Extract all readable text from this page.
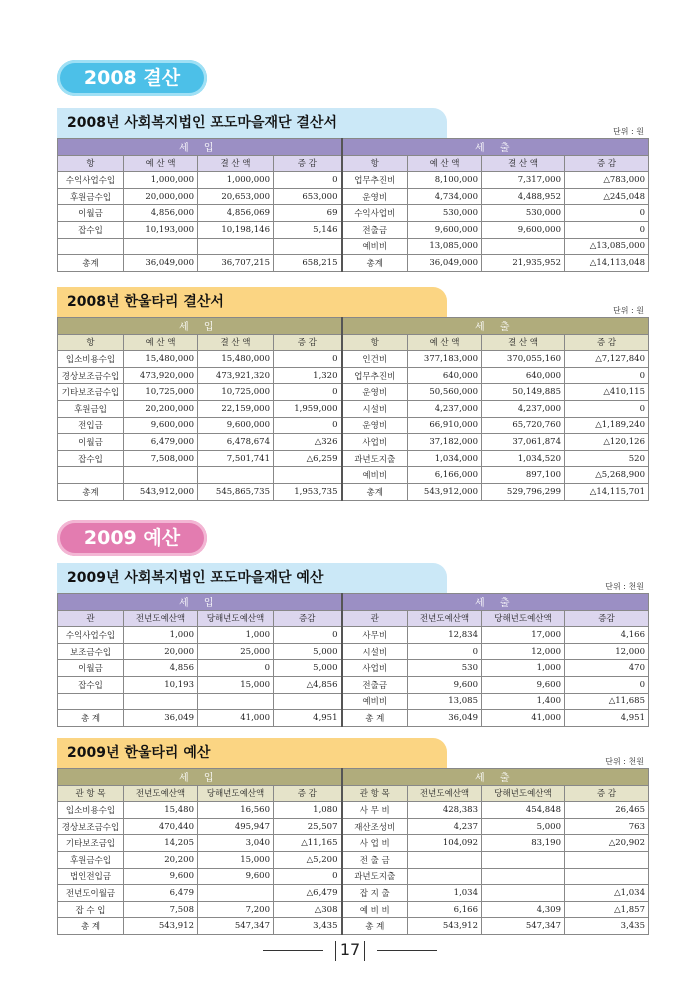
2008 결산
2009 예산
2008년 사회복지법인 포도마을재단 결산서
단위 : 원
세 입				세 출			
항	예 산 액	결 산 액	증 감	항	예 산 액	결 산 액	증 감
수익사업수입	1,000,000	1,000,000	0	업무추진비	8,100,000	7,317,000	△783,000
후원금수입	20,000,000	20,653,000	653,000	운영비	4,734,000	4,488,952	△245,048
이월금	4,856,000	4,856,069	69	수익사업비	530,000	530,000	0
잡수입	10,193,000	10,198,146	5,146	전출금	9,600,000	9,600,000	0
				예비비	13,085,000		△13,085,000
총계	36,049,000	36,707,215	658,215	총계	36,049,000	21,935,952	△14,113,048
2008년 한울타리 결산서
단위 : 원
세 입				세 출			
항	예 산 액	결 산 액	증 감	항	예 산 액	결 산 액	증 감
입소비용수입	15,480,000	15,480,000	0	인건비	377,183,000	370,055,160	△7,127,840
경상보조금수입	473,920,000	473,921,320	1,320	업무추진비	640,000	640,000	0
기타보조금수입	10,725,000	10,725,000	0	운영비	50,560,000	50,149,885	△410,115
후원금입	20,200,000	22,159,000	1,959,000	시설비	4,237,000	4,237,000	0
전입금	9,600,000	9,600,000	0	운영비	66,910,000	65,720,760	△1,189,240
이월금	6,479,000	6,478,674	△326	사업비	37,182,000	37,061,874	△120,126
잡수입	7,508,000	7,501,741	△6,259	과년도지출	1,034,000	1,034,520	520
				예비비	6,166,000	897,100	△5,268,900
총계	543,912,000	545,865,735	1,953,735	총계	543,912,000	529,796,299	△14,115,701
2009년 사회복지법인 포도마을재단 예산
단위 : 천원
세 입				세 출			
관	전년도예산액	당해년도예산액	증감	관	전년도예산액	당해년도예산액	증감
수익사업수입	1,000	1,000	0	사무비	12,834	17,000	4,166
보조금수입	20,000	25,000	5,000	시설비	0	12,000	12,000
이월금	4,856	0	5,000	사업비	530	1,000	470
잡수입	10,193	15,000	△4,856	전출금	9,600	9,600	0
				예비비	13,085	1,400	△11,685
총 계	36,049	41,000	4,951	총 계	36,049	41,000	4,951
2009년 한울타리 예산
단위 : 천원
세 입				세 출			
관 항 목	전년도예산액	당해년도예산액	증 감	관 항 목	전년도예산액	당해년도예산액	증 감
입소비용수입	15,480	16,560	1,080	사 무 비	428,383	454,848	26,465
경상보조금수입	470,440	495,947	25,507	재산조성비	4,237	5,000	763
기타보조금입	14,205	3,040	△11,165	사 업 비	104,092	83,190	△20,902
후원금수입	20,200	15,000	△5,200	전 출 금			
법인전입금	9,600	9,600	0	과년도지출			
전년도이월금	6,479		△6,479	잡 지 출	1,034		△1,034
잡 수 입	7,508	7,200	△308	예 비 비	6,166	4,309	△1,857
총 계	543,912	547,347	3,435	총 계	543,912	547,347	3,435
17
